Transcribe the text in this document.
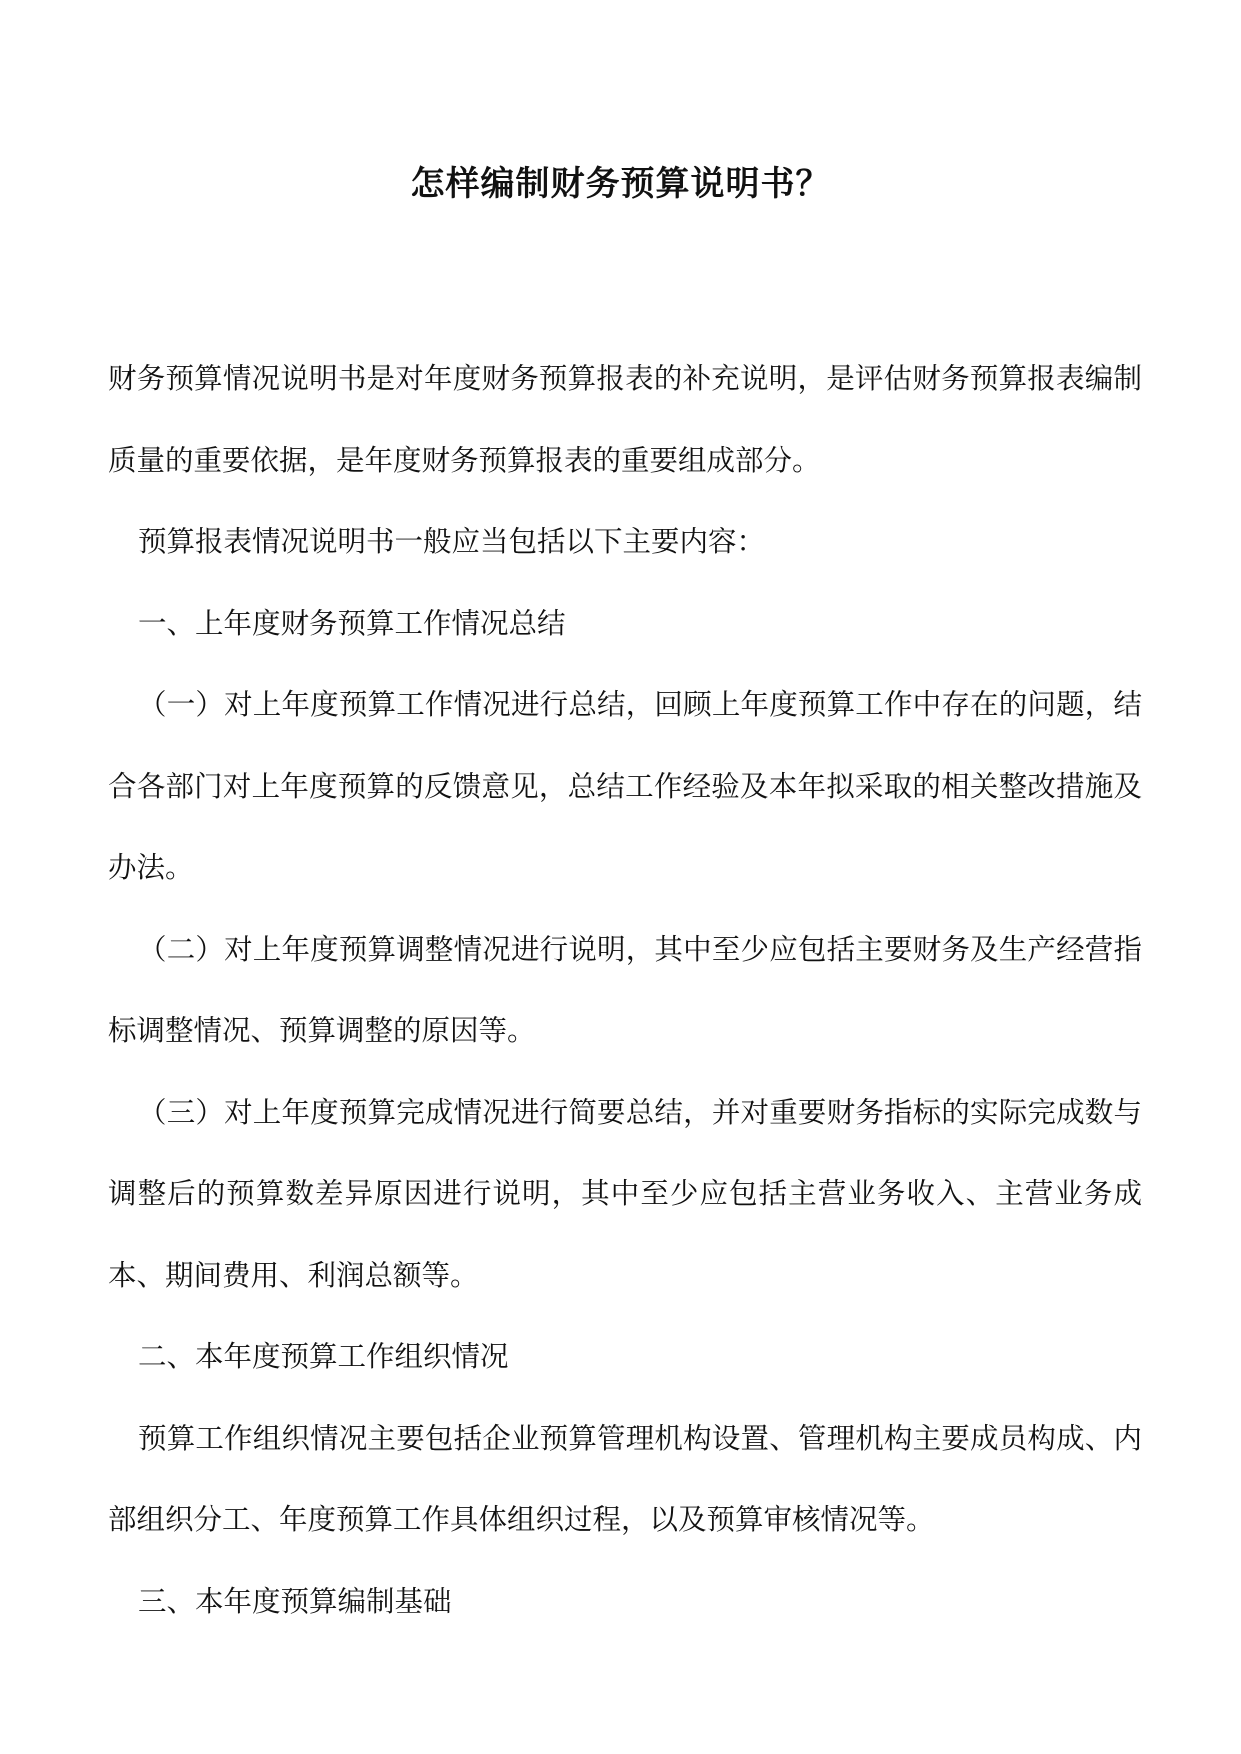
怎样编制财务预算说明书？

财务预算情况说明书是对年度财务预算报表的补充说明，是评估财务预算报表编制质量的重要依据，是年度财务预算报表的重要组成部分。

预算报表情况说明书一般应当包括以下主要内容：

一、上年度财务预算工作情况总结

（一）对上年度预算工作情况进行总结，回顾上年度预算工作中存在的问题，结合各部门对上年度预算的反馈意见，总结工作经验及本年拟采取的相关整改措施及办法。

（二）对上年度预算调整情况进行说明，其中至少应包括主要财务及生产经营指标调整情况、预算调整的原因等。

（三）对上年度预算完成情况进行简要总结，并对重要财务指标的实际完成数与调整后的预算数差异原因进行说明，其中至少应包括主营业务收入、主营业务成本、期间费用、利润总额等。

二、本年度预算工作组织情况

预算工作组织情况主要包括企业预算管理机构设置、管理机构主要成员构成、内部组织分工、年度预算工作具体组织过程，以及预算审核情况等。

三、本年度预算编制基础
